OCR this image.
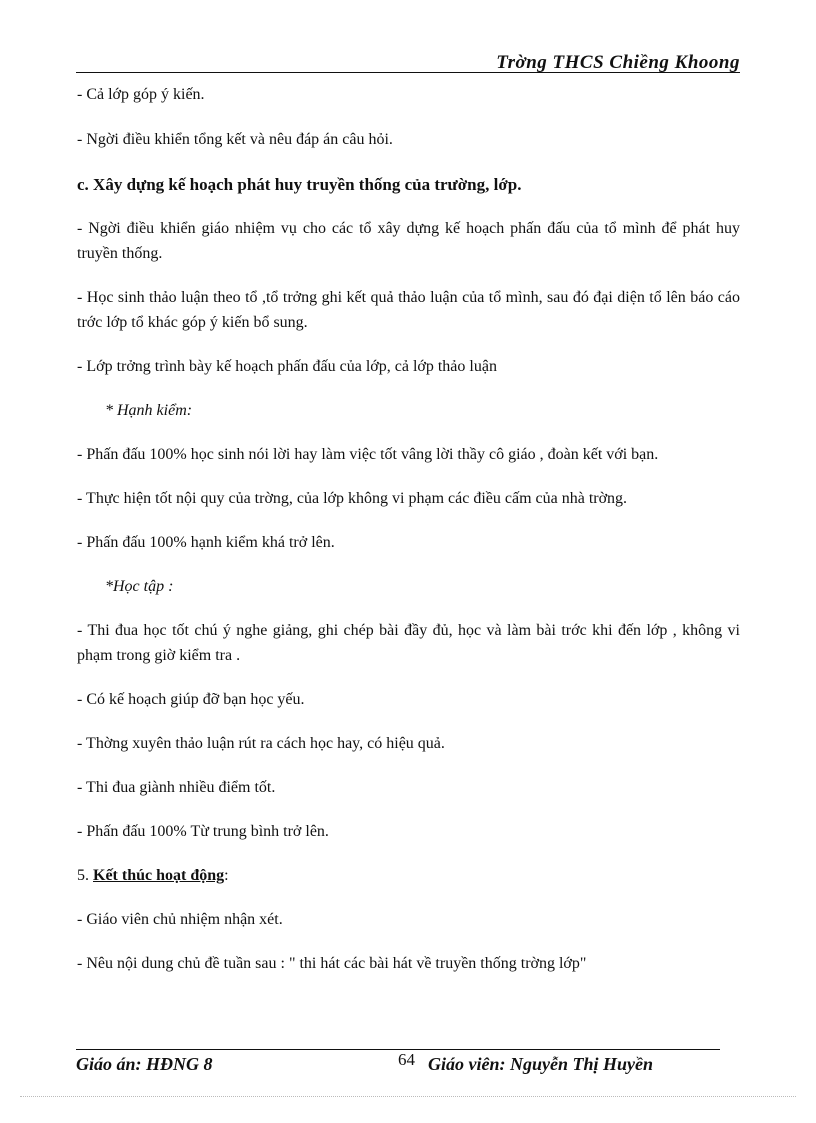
Trờng THCS Chiềng Khoong

- Cả lớp góp ý kiến.

- Ngời điều khiển tổng kết và nêu đáp án câu hỏi.

c. Xây dựng kế hoạch phát huy truyền thống của trường, lớp.

- Ngời điều khiển giáo nhiệm vụ cho các tổ xây dựng kế hoạch phấn đấu của tổ mình để phát huy truyền thống.

- Học sinh thảo luận theo tổ ,tổ trởng ghi kết quả thảo luận của tổ mình, sau đó đại diện tổ lên báo cáo trớc lớp tổ khác góp ý kiến bổ sung.

- Lớp trởng trình bày kế hoạch phấn đấu của lớp, cả lớp thảo luận

* Hạnh kiểm:

- Phấn đấu 100% học sinh nói lời hay làm việc tốt vâng lời thầy cô giáo , đoàn kết với bạn.

- Thực hiện tốt nội quy của trờng, của lớp không vi phạm các điều cấm của nhà trờng.

- Phấn đấu 100% hạnh kiểm khá trở lên.

*Học tập :

- Thi đua học tốt chú ý nghe giảng, ghi chép bài đầy đủ, học và làm bài trớc khi đến lớp , không vi phạm trong giờ kiểm tra .

- Có kế hoạch giúp đỡ bạn học yếu.

- Thờng xuyên thảo luận rút ra cách học hay, có hiệu quả.

- Thi đua giành nhiều điểm tốt.

- Phấn đấu 100% Từ trung bình trở lên.

5. Kết thúc hoạt động:

- Giáo viên chủ nhiệm nhận xét.

- Nêu nội dung chủ đề tuần sau : " thi hát các bài hát về truyền thống trờng lớp"

Giáo án: HĐNG 8	64 Giáo viên: Nguyễn Thị Huyền
